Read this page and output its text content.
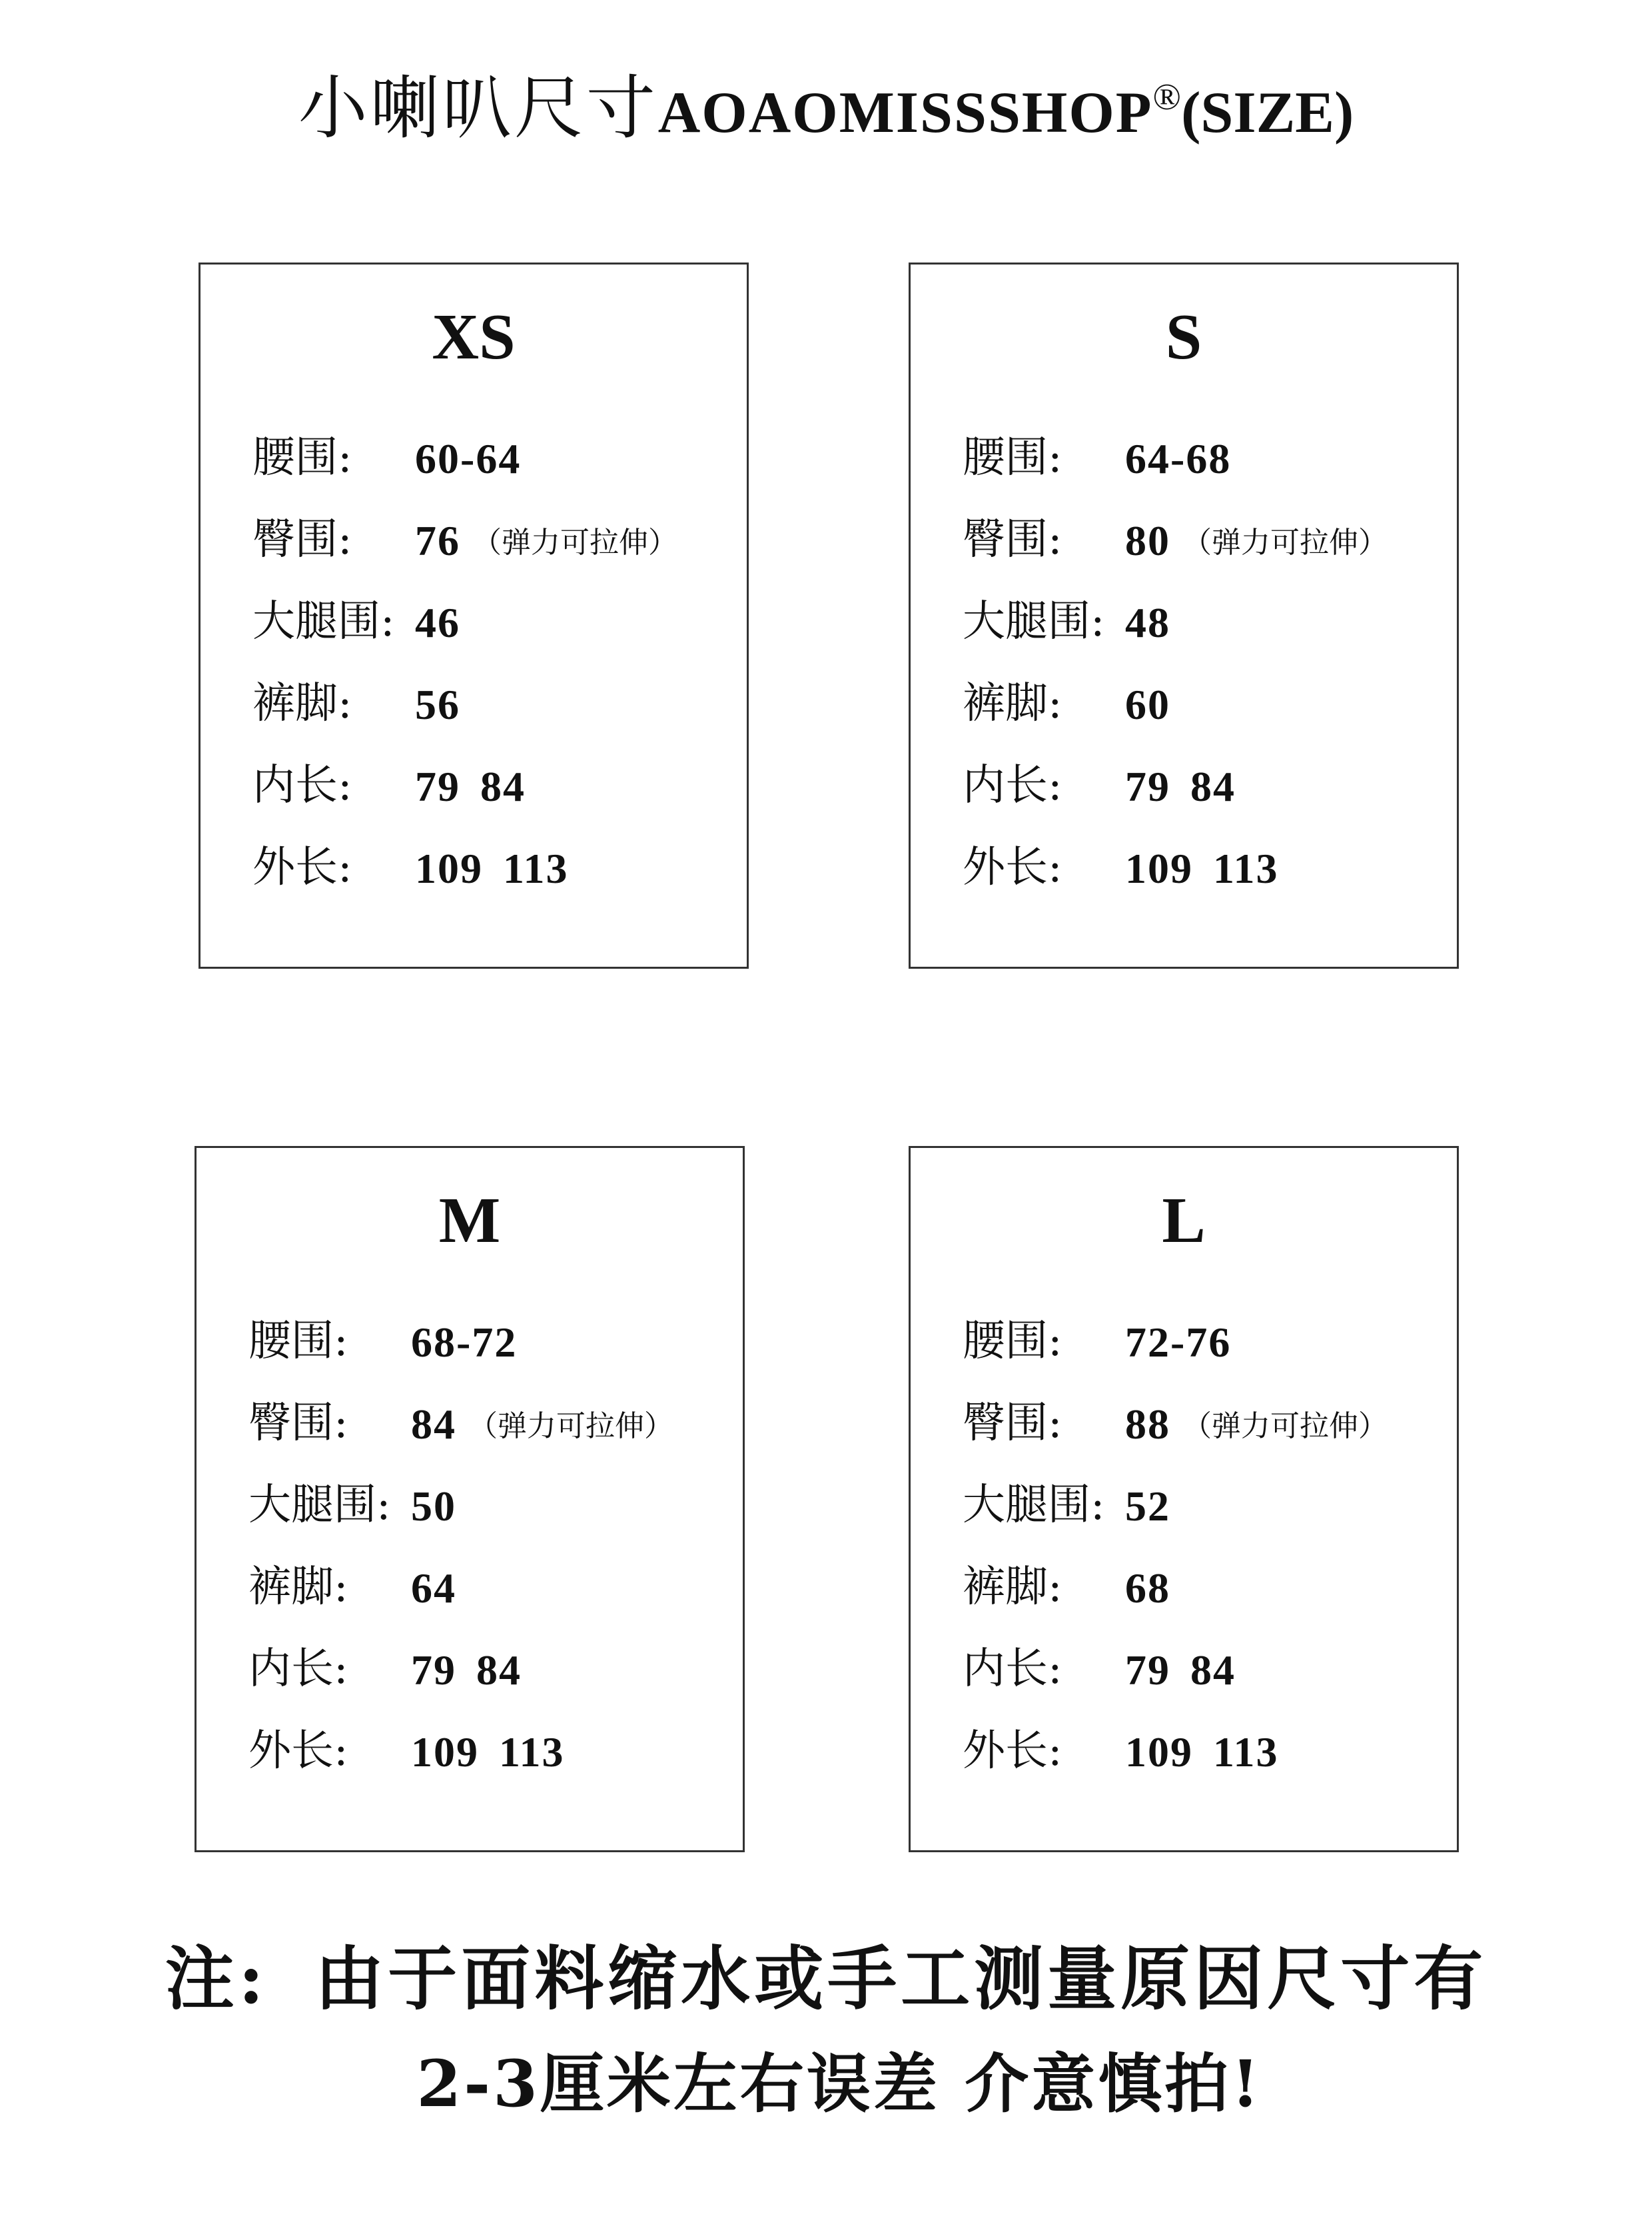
小喇叭尺寸AOAOMISSSHOP®(SIZE)
XS
腰围: 60-64
臀围: 76 （弹力可拉伸）
大腿围: 46
裤脚: 56
内长: 79 84
外长: 109 113
S
腰围: 64-68
臀围: 80 （弹力可拉伸）
大腿围: 48
裤脚: 60
内长: 79 84
外长: 109 113
M
腰围: 68-72
臀围: 84 （弹力可拉伸）
大腿围: 50
裤脚: 64
内长: 79 84
外长: 109 113
L
腰围: 72-76
臀围: 88 （弹力可拉伸）
大腿围: 52
裤脚: 68
内长: 79 84
外长: 109 113
注: 由于面料缩水或手工测量原因尺寸有
2-3厘米左右误差 介意慎拍!
